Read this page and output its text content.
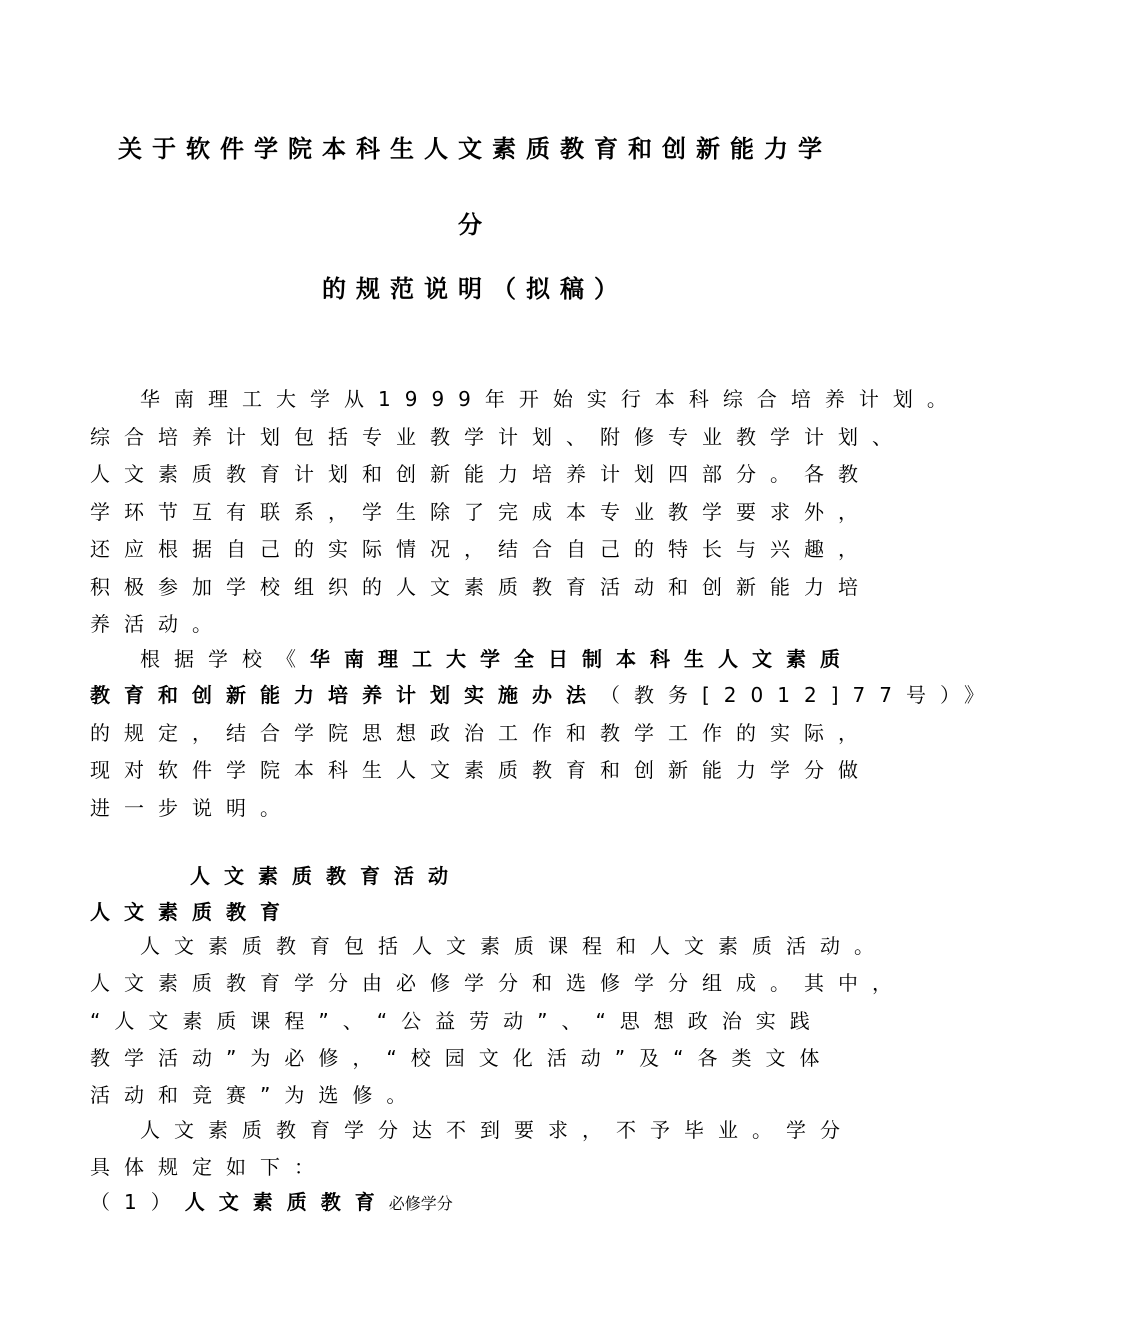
关于软件学院本科生人文素质教育和创新能力学
分
的规范说明（拟稿）
华南理工大学从1999年开始实行本科综合培养计划。
综合培养计划包括专业教学计划、附修专业教学计划、
人文素质教育计划和创新能力培养计划四部分。各教
学环节互有联系，学生除了完成本专业教学要求外，
还应根据自己的实际情况，结合自己的特长与兴趣，
积极参加学校组织的人文素质教育活动和创新能力培
养活动。
根据学校《华南理工大学全日制本科生人文素质
教育和创新能力培养计划实施办法（教务[2012]77号）》
的规定，结合学院思想政治工作和教学工作的实际，
现对软件学院本科生人文素质教育和创新能力学分做
进一步说明。
人文素质教育活动
人文素质教育
人文素质教育包括人文素质课程和人文素质活动。
人文素质教育学分由必修学分和选修学分组成。其中，
“人文素质课程”、“公益劳动”、“思想政治实践
教学活动”为必修，“校园文化活动”及“各类文体
活动和竞赛”为选修。
人文素质教育学分达不到要求，不予毕业。学分
具体规定如下：
（1）人文素质教育必修学分
